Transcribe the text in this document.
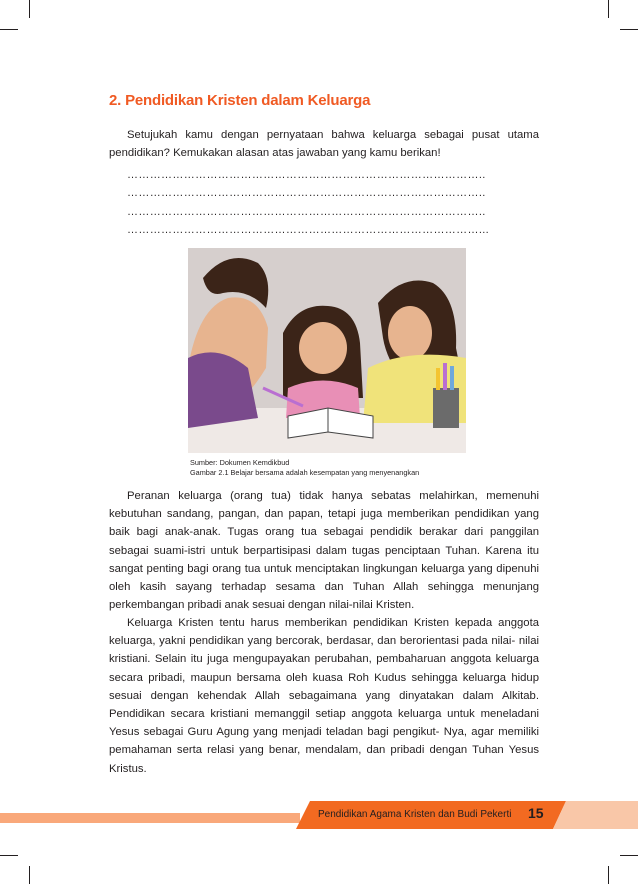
2. Pendidikan Kristen dalam Keluarga

Setujukah kamu dengan pernyataan bahwa keluarga sebagai pusat utama pendidikan? Kemukakan alasan atas jawaban yang kamu berikan!

…………………………………………………………………………………..
…………………………………………………………………………………..
…………………………………………………………………………………..
…………………………………………………………………………………...
Sumber: Dokumen Kemdikbud
Gambar 2.1 Belajar bersama adalah kesempatan yang menyenangkan

Peranan keluarga (orang tua) tidak hanya sebatas melahirkan, memenuhi kebutuhan sandang, pangan, dan papan, tetapi juga memberikan pendidikan yang baik bagi anak-anak. Tugas orang tua sebagai pendidik berakar dari panggilan sebagai suami-istri untuk berpartisipasi dalam tugas penciptaan Tuhan. Karena itu sangat penting bagi orang tua untuk menciptakan lingkungan keluarga yang dipenuhi oleh kasih sayang terhadap sesama dan Tuhan Allah sehingga menunjang perkembangan pribadi anak sesuai dengan nilai-nilai Kristen.

Keluarga Kristen tentu harus memberikan pendidikan Kristen kepada anggota keluarga, yakni pendidikan yang bercorak, berdasar, dan berorientasi pada nilai- nilai kristiani. Selain itu juga mengupayakan perubahan, pembaharuan anggota keluarga secara pribadi, maupun bersama oleh kuasa Roh Kudus sehingga keluarga hidup sesuai dengan kehendak Allah sebagaimana yang dinyatakan dalam Alkitab. Pendidikan secara kristiani memanggil setiap anggota keluarga untuk meneladani Yesus sebagai Guru Agung yang menjadi teladan bagi pengikut- Nya, agar memiliki pemahaman serta relasi yang benar, mendalam, dan pribadi dengan Tuhan Yesus Kristus.

Pendidikan Agama Kristen dan Budi Pekerti 15
